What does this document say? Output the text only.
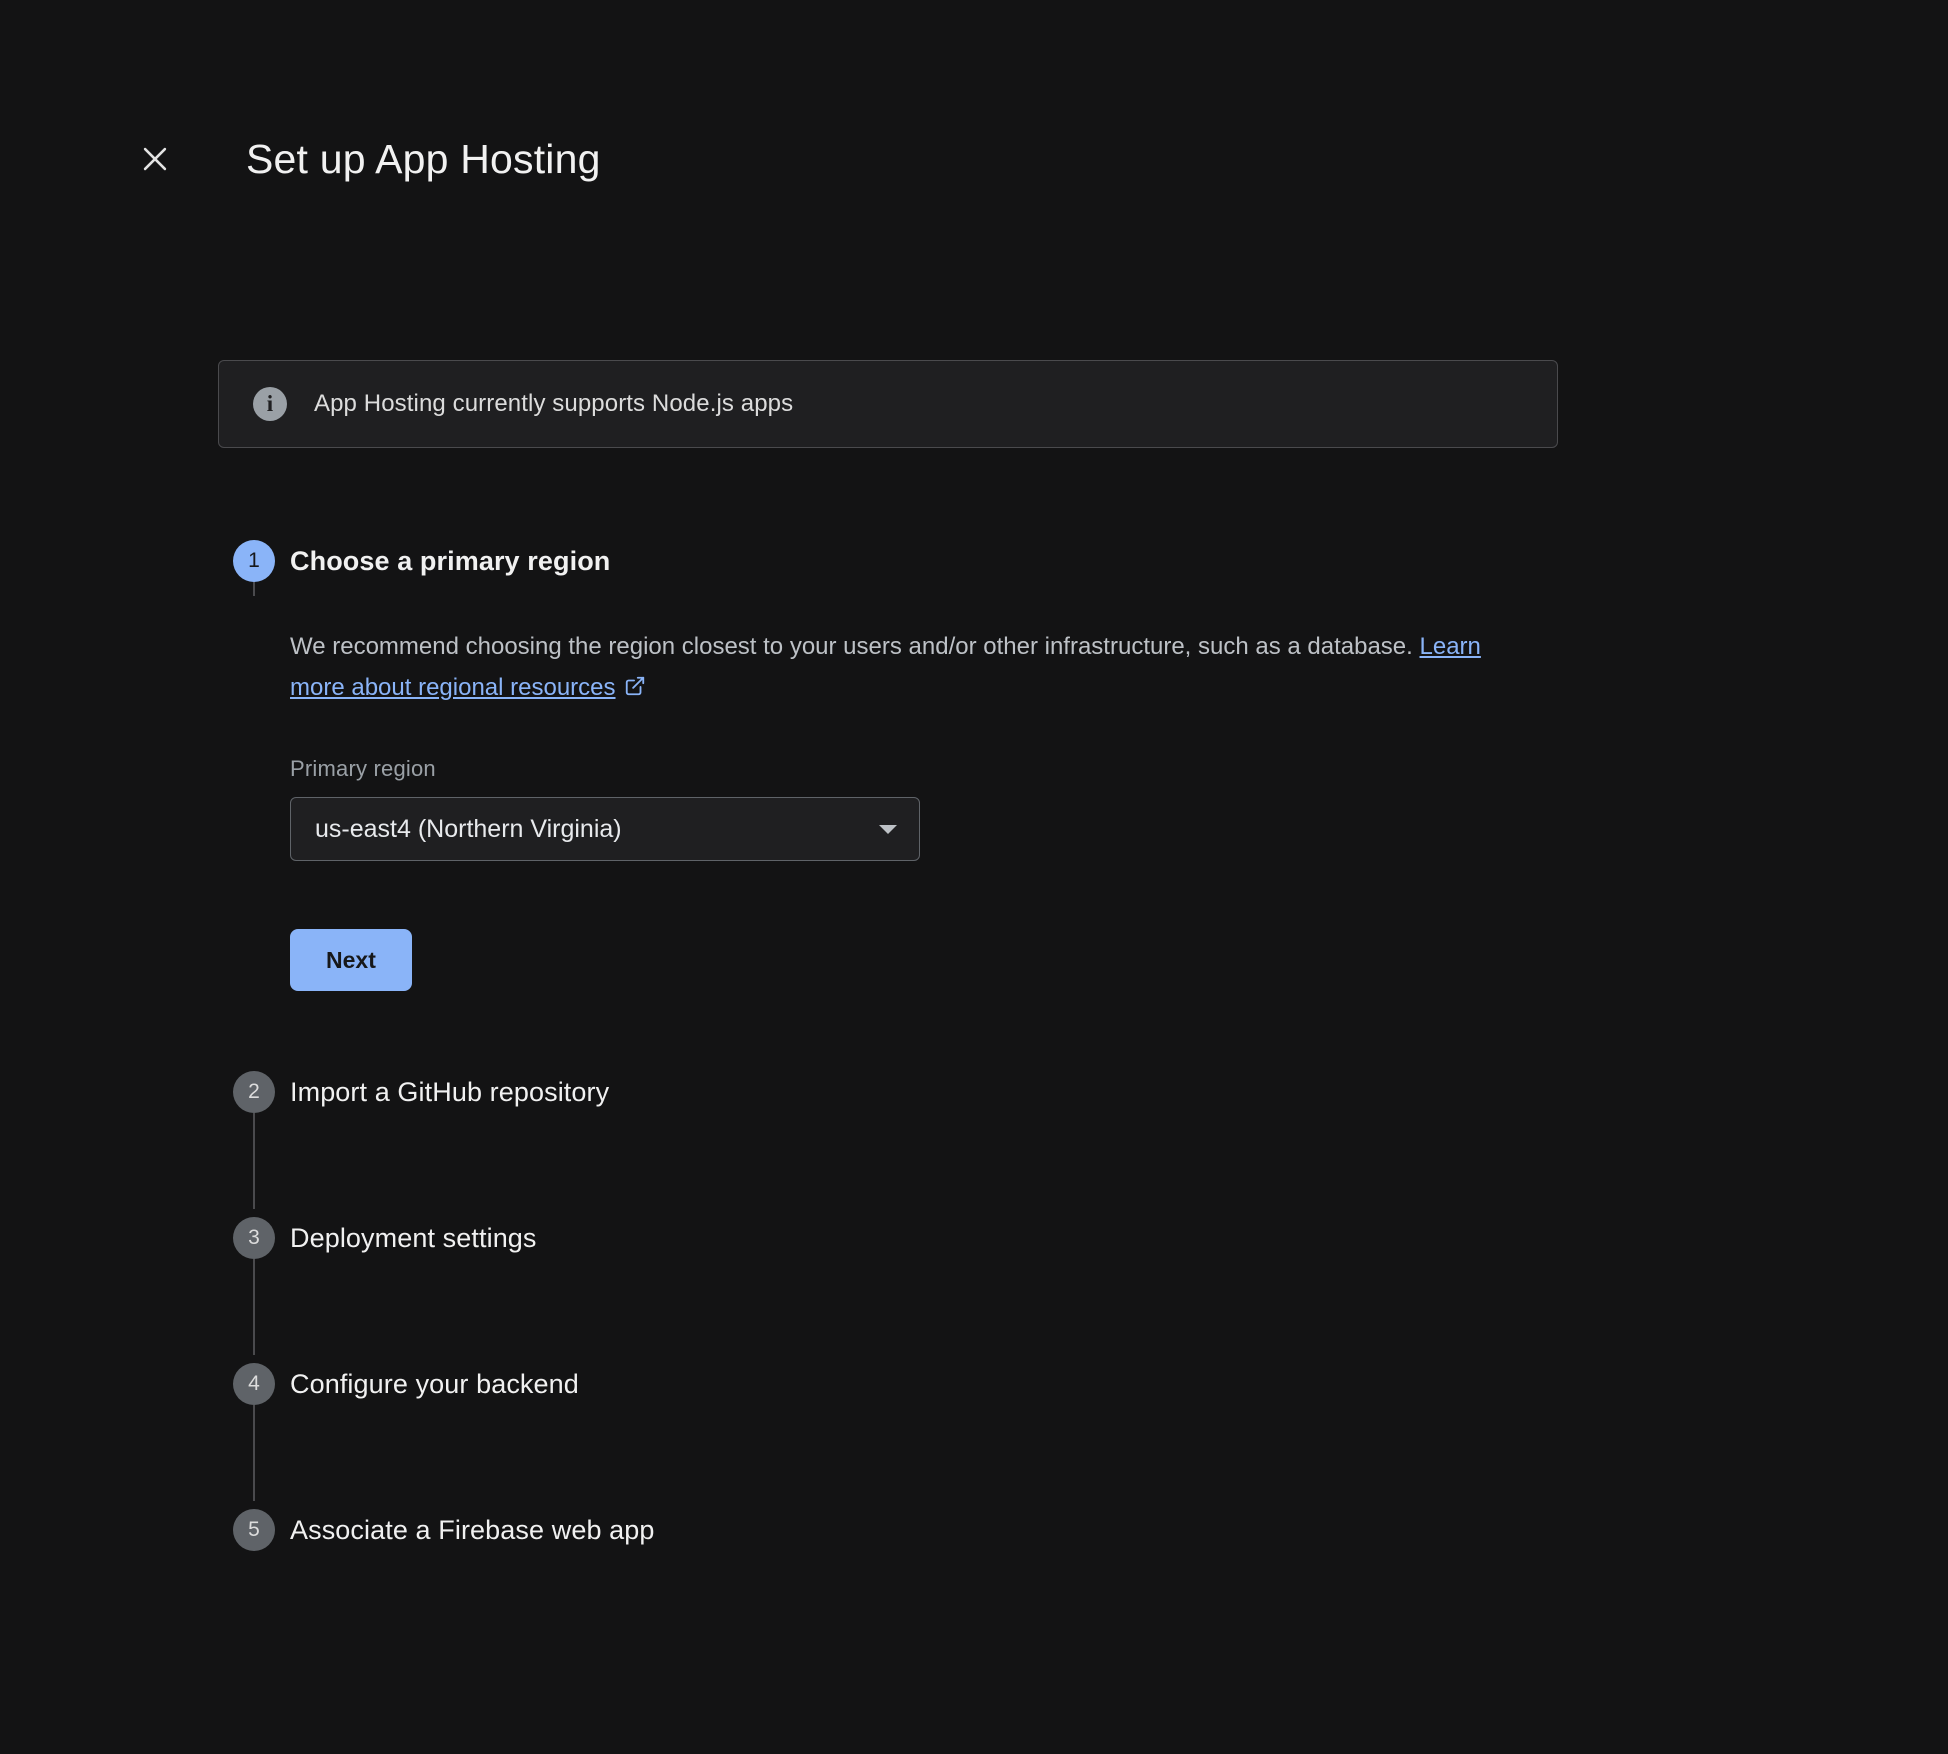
Set up App Hosting
i	App Hosting currently supports Node.js apps
1	Choose a primary region
We recommend choosing the region closest to your users and/or other infrastructure, such as a database. Learn more about regional resources
Primary region
us-east4 (Northern Virginia)
Next
2	Import a GitHub repository
3	Deployment settings
4	Configure your backend
5	Associate a Firebase web app
